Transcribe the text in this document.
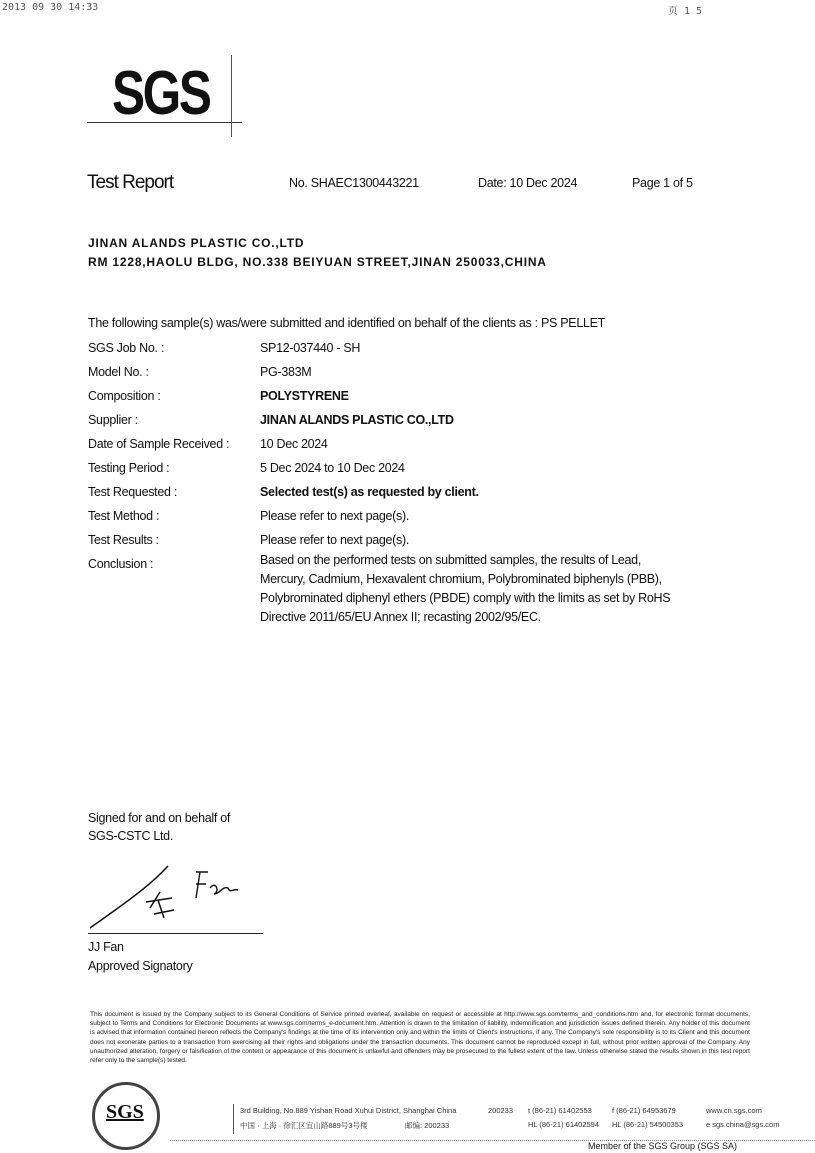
2013 09 30 14:33	页 1 5
SGS
Test Report	No. SHAEC1300443221	Date: 10 Dec 2024	Page 1 of 5
JINAN ALANDS PLASTIC CO.,LTD
RM 1228,HAOLU BLDG, NO.338 BEIYUAN STREET,JINAN 250033,CHINA
The following sample(s) was/were submitted and identified on behalf of the clients as : PS PELLET
SGS Job No. :	SP12-037440 - SH
Model No. :	PG-383M
Composition :	POLYSTYRENE
Supplier :	JINAN ALANDS PLASTIC CO.,LTD
Date of Sample Received : 10 Dec 2024
Testing Period :	5 Dec 2024 to 10 Dec 2024
Test Requested :	Selected test(s) as requested by client.
Test Method :	Please refer to next page(s).
Test Results :	Please refer to next page(s).
Conclusion :	Based on the performed tests on submitted samples, the results of Lead, Mercury, Cadmium, Hexavalent chromium, Polybrominated biphenyls (PBB), Polybrominated diphenyl ethers (PBDE) comply with the limits as set by RoHS Directive 2011/65/EU Annex II; recasting 2002/95/EC.
Signed for and on behalf of
SGS-CSTC Ltd.
JJ Fan
Approved Signatory
This document is issued by the Company subject to its General Conditions of Service printed overleaf, available on request or accessible at http://www.sgs.com/terms_and_conditions.htm and, for electronic format documents, subject to Terms and Conditions for Electronic Documents at www.sgs.com/terms_e-document.htm. Attention is drawn to the limitation of liability, indemnification and jurisdiction issues defined therein. Any holder of this document is advised that information contained hereon reflects the Company's findings at the time of its intervention only and within the limits of Client's instructions, if any. The Company's sole responsibility is to its Client and this document does not exonerate parties to a transaction from exercising all their rights and obligations under the transaction documents. This document cannot be reproduced except in full, without prior written approval of the Company. Any unauthorized alteration, forgery or falsification of the content or appearance of this document is unlawful and offenders may be prosecuted to the fullest extent of the law. Unless otherwise stated the results shown in this test report refer only to the sample(s) tested.
SGS	3rd Building, No.889 Yishan Road Xuhui District, Shanghai China	200233
中国 · 上海 · 徐汇区宜山路889号3号楼	邮编: 200233
t (86-21) 61402553	f (86-21) 64953679
HL (86-21) 61402594 HL (86-21) 54500353
www.cn.sgs.com
e sgs.china@sgs.com
Member of the SGS Group (SGS SA)
